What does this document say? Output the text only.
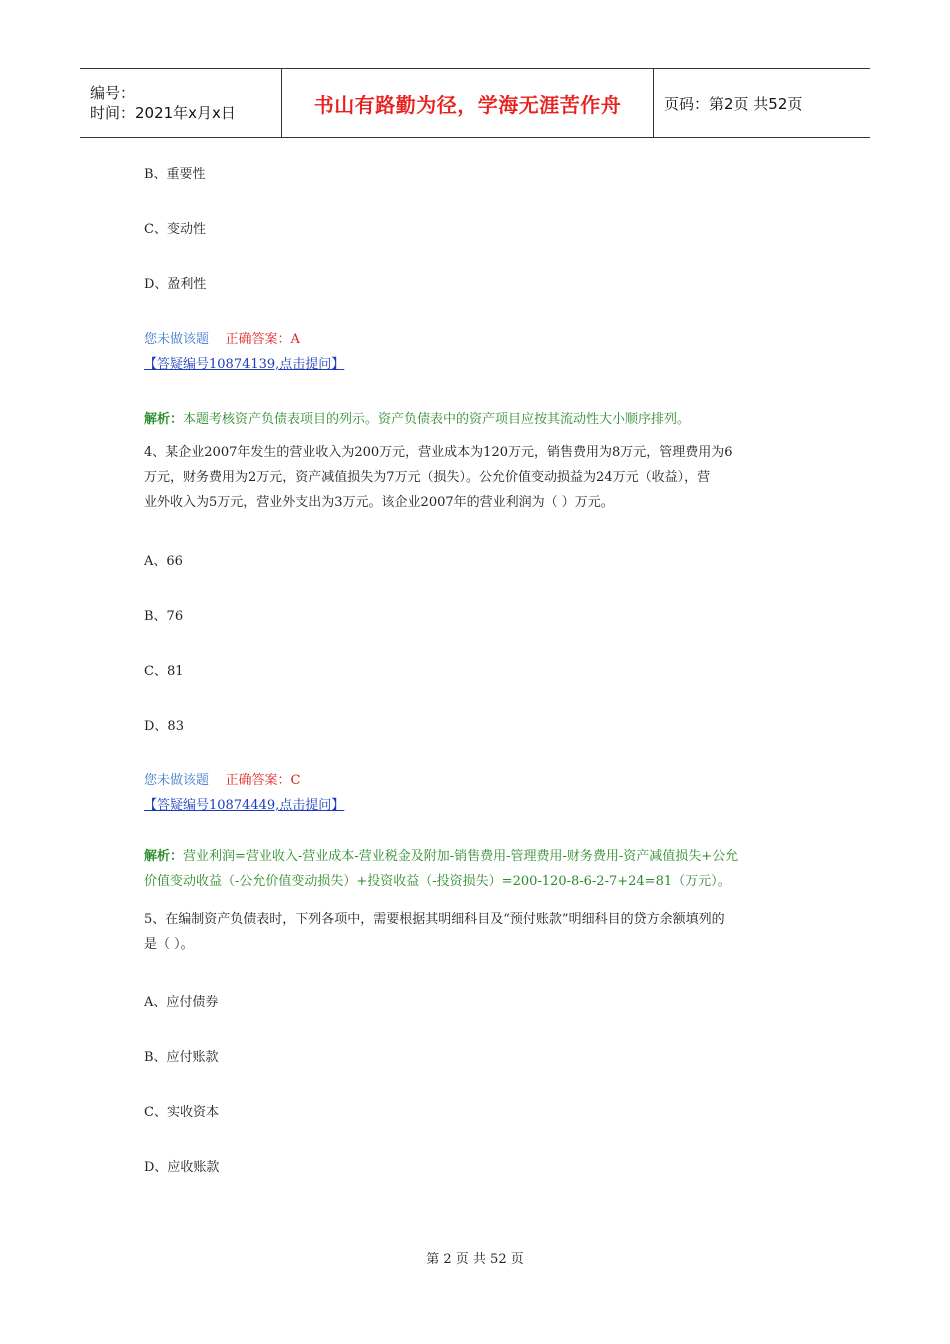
编号：
时间：2021年x月x日	书山有路勤为径，学海无涯苦作舟	页码：第2页 共52页
B、重要性
C、变动性
D、盈利性
您未做该题 正确答案：A
【答疑编号10874139,点击提问】
解析：本题考核资产负债表项目的列示。资产负债表中的资产项目应按其流动性大小顺序排列。
4、某企业2007年发生的营业收入为200万元，营业成本为120万元，销售费用为8万元，管理费用为6
万元，财务费用为2万元，资产减值损失为7万元（损失）。公允价值变动损益为24万元（收益），营
业外收入为5万元，营业外支出为3万元。该企业2007年的营业利润为（ ）万元。
A、66
B、76
C、81
D、83
您未做该题 正确答案：C
【答疑编号10874449,点击提问】
解析：营业利润=营业收入-营业成本-营业税金及附加-销售费用-管理费用-财务费用-资产减值损失+公允
价值变动收益（-公允价值变动损失）+投资收益（-投资损失）=200-120-8-6-2-7+24=81（万元）。
5、在编制资产负债表时，下列各项中，需要根据其明细科目及“预付账款”明细科目的贷方余额填列的
是（ ）。
A、应付债券
B、应付账款
C、实收资本
D、应收账款
第 2 页 共 52 页
